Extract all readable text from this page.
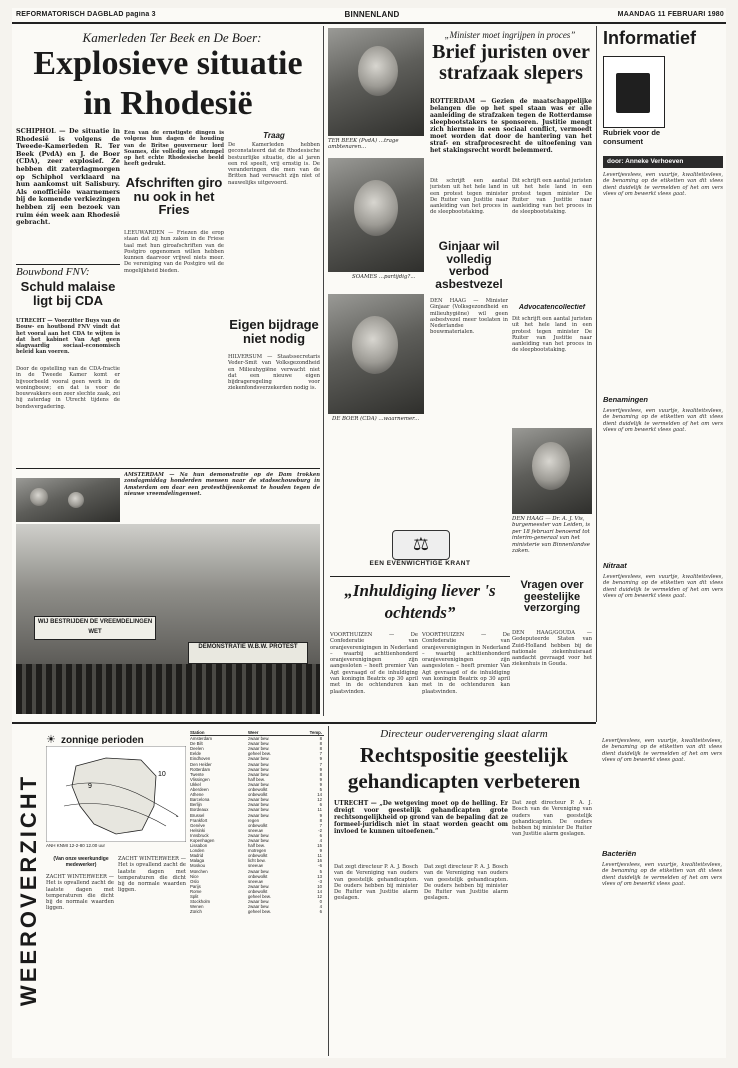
REFORMATORISCH DAGBLAD pagina 3	BINNENLAND	MAANDAG 11 FEBRUARI 1980
Kamerleden Ter Beek en De Boer:
Explosieve situatie
in Rhodesië
SCHIPHOL — De situatie in Rhodesië is volgens de Tweede-Kamerleden R. Ter Beek (PvdA) en J. de Boer (CDA), zeer explosief. Ze hebben dit zaterdagmorgen op Schiphol verklaard na hun aankomst uit Salisbury. Als onofficiële waarnemers bij de komende verkiezingen hebben zij een bezoek van ruim één week aan Rhodesië gebracht.
Eén van de ernstigste dingen is volgens hun dagen de houding van de Britse gouverneur lord Soames, die volledig een stempel op het echte Rhodesische beeld heeft gedrukt.
De Kamerleden hebben geconstateerd dat de Rhodesische bestuurlijke situatie, die al jaren een rol speelt, vrij ernstig is. De veranderingen die men van de Britten had verwacht zijn niet of nauwelijks uitgevoerd.
Traag
Afschriften giro nu ook in het Fries
LEEUWARDEN — Friezen die erop staan dat zij hun zaken in de Friese taal met hun giroafschriften van de Postgiro opgenomen willen hebben kunnen daarvoor vrijwel niets meer. De vereniging van de Postgiro wil de mogelijkheid bieden.
Eigen bijdrage niet nodig
HILVERSUM — Staatssecretaris Veder-Smit van Volksgezondheid en Milieuhygiëne verwacht niet dat een nieuwe eigen bijdrageregeling voor ziekenfondsverzekerden nodig is.
Bouwbond FNV:
Schuld malaise ligt bij CDA
UTRECHT — Voorzitter Buys van de Bouw- en houtbond FNV vindt dat het vooral aan het CDA te wijten is dat het kabinet Van Agt geen slagvaardig sociaal-economisch beleid kan voeren.
Door de opstelling van de CDA-fractie in de Tweede Kamer komt er bijvoorbeeld vooral geen werk in de woningbouw; en dat is voor de bouwvakkers een zeer slechte zaak, zei hij zaterdag in Utrecht tijdens de bondsvergadering.
AMSTERDAM — Na hun demonstratie op de Dam trokken zondagmiddag honderden mensen naar de stadsschouwburg in Amsterdam om daar een protestbijeenkomst te houden tegen de nieuwe vreemdelingenwet.
WIJ BESTRIJDEN DE VREEMDELINGEN WET
DEMONSTRATIE W.B.W. PROTEST
TER BEEK (PvdA) ...trage ambtenaren...
SOAMES ...partijdig?...
DE BOER (CDA) ...waarnemer...
„Minister moet ingrijpen in proces”
Brief juristen over strafzaak slepers
ROTTERDAM — Gezien de maatschappelijke belangen die op het spel staan was er alle aanleiding de strafzaken tegen de Rotterdamse sleepbootstakers te sponsoren. Justitie mengt zich hiermee in een sociaal conflict, vermoedt moet worden dat door de hantering van het straf- en strafprocesrecht de uitoefening van het stakingsrecht wordt belemmerd.
Dit schrijft een aantal juristen uit het hele land in een protest tegen minister De Ruiter van Justitie naar aanleiding van het proces in de sleepbootstaking.
Dit schrijft een aantal juristen uit het hele land in een protest tegen minister De Ruiter van Justitie naar aanleiding van het proces in de sleepbootstaking.
Advocatencollectief
Dit schrijft een aantal juristen uit het hele land in een protest tegen minister De Ruiter van Justitie naar aanleiding van het proces in de sleepbootstaking.
Ginjaar wil volledig verbod asbestvezel
DEN HAAG — Minister Ginjaar (Volksgezondheid en milieuhygiëne) wil geen asbestvezel meer toelaten in Nederlandse bouwmaterialen.
DEN HAAG — Dr. A. J. Vis, burgemeester van Leiden, is per 18 februari benoemd tot interim-generaal van het ministerie van Binnenlandse zaken.
⚖
EEN EVENWICHTIGE KRANT
„Inhuldiging liever 's ochtends”
VOORTHUIZEN — De Confederatie van oranjeverenigingen in Nederland – waarbij achttienhonderd oranjeverenigingen zijn aangesloten – heeft premier Van Agt gevraagd of de inhuldiging van koningin Beatrix op 30 april met in de ochtenduren kan plaatsvinden.
VOORTHUIZEN — De Confederatie van oranjeverenigingen in Nederland – waarbij achttienhonderd oranjeverenigingen zijn aangesloten – heeft premier Van Agt gevraagd of de inhuldiging van koningin Beatrix op 30 april met in de ochtenduren kan plaatsvinden.
Vragen over geestelijke verzorging
DEN HAAG/GOUDA — Gedeputeerde Staten van Zuid-Holland hebben bij de nationale ziekenhuisraad aandacht gevraagd voor het ziekenhuis in Gouda.
Informatief
Rubriek voor de consument
door: Anneke Verhoeven
Levertjesvlees, een vuurtje, kwaliteitsvlees, de benaming op de etiketten van dit vlees dient duidelijk te vermelden of het om vers vlees of om bewerkt vlees gaat.
Benamingen
Levertjesvlees, een vuurtje, kwaliteitsvlees, de benaming op de etiketten van dit vlees dient duidelijk te vermelden of het om vers vlees of om bewerkt vlees gaat.
Nitraat
Levertjesvlees, een vuurtje, kwaliteitsvlees, de benaming op de etiketten van dit vlees dient duidelijk te vermelden of het om vers vlees of om bewerkt vlees gaat.
Bacteriën
Levertjesvlees, een vuurtje, kwaliteitsvlees, de benaming op de etiketten van dit vlees dient duidelijk te vermelden of het om vers vlees of om bewerkt vlees gaat.
Levertjesvlees, een vuurtje, kwaliteitsvlees, de benaming op de etiketten van dit vlees dient duidelijk te vermelden of het om vers vlees of om bewerkt vlees gaat.
WEEROVERZICHT
☀ zonnige perioden
9
10
ANH KNMI 12-2-80 12.00 uur
(Van onze weerkundige medewerker)
ZACHT WINTERWEER — Het is opvallend zacht de laatste dagen met temperaturen die dicht bij de normale waarden liggen.
ZACHT WINTERWEER — Het is opvallend zacht de laatste dagen met temperaturen die dicht bij de normale waarden liggen.
Station	Weer	Temp.
Amsterdam	zwaar bew.	8
De Bilt	zwaar bew.	8
Deelen	zwaar bew.	8
Eelde	geheel bew.	7
Eindhoven	zwaar bew.	9
Den Helder	zwaar bew.	7
Rotterdam	zwaar bew.	9
Twente	zwaar bew.	8
Vlissingen	half bew.	9
Ukkel	zwaar bew.	9
Aberdeen	onbewolkt	5
Athene	onbewolkt	14
Barcelona	zwaar bew.	12
Berlijn	zwaar bew.	6
Bordeaux	zwaar bew.	11
Brussel	zwaar bew.	9
Frankfort	regen	8
Genève	onbewolkt	7
Helsinki	sneeuw	-2
Innsbruck	zwaar bew.	6
Kopenhagen	zwaar bew.	4
Lissabon	half bew.	15
Londen	motregen	9
Madrid	onbewolkt	11
Malaga	licht bew.	16
Moskou	sneeuw	-6
München	zwaar bew.	5
Nice	onbewolkt	13
Oslo	sneeuw	-3
Parijs	zwaar bew.	10
Rome	onbewolkt	14
Split	geheel bew.	12
Stockholm	zwaar bew.	0
Wenen	zwaar bew.	4
Zürich	geheel bew.	6
Directeur ouderverenging slaat alarm
Rechtspositie geestelijk
gehandicapten verbeteren
UTRECHT — „De wetgeving moet op de helling. Er dreigt voor geestelijk gehandicapten grote rechtsongelijkheid op grond van de bepaling dat ze formeel-juridisch niet in staat worden geacht om invloed te kunnen uitoefenen.”
Dat zegt directeur P. A. J. Bosch van de Vereniging van ouders van geestelijk gehandicapten. De ouders hebben bij minister De Ruiter van Justitie alarm geslagen.
Dat zegt directeur P. A. J. Bosch van de Vereniging van ouders van geestelijk gehandicapten. De ouders hebben bij minister De Ruiter van Justitie alarm geslagen.
Dat zegt directeur P. A. J. Bosch van de Vereniging van ouders van geestelijk gehandicapten. De ouders hebben bij minister De Ruiter van Justitie alarm geslagen.
